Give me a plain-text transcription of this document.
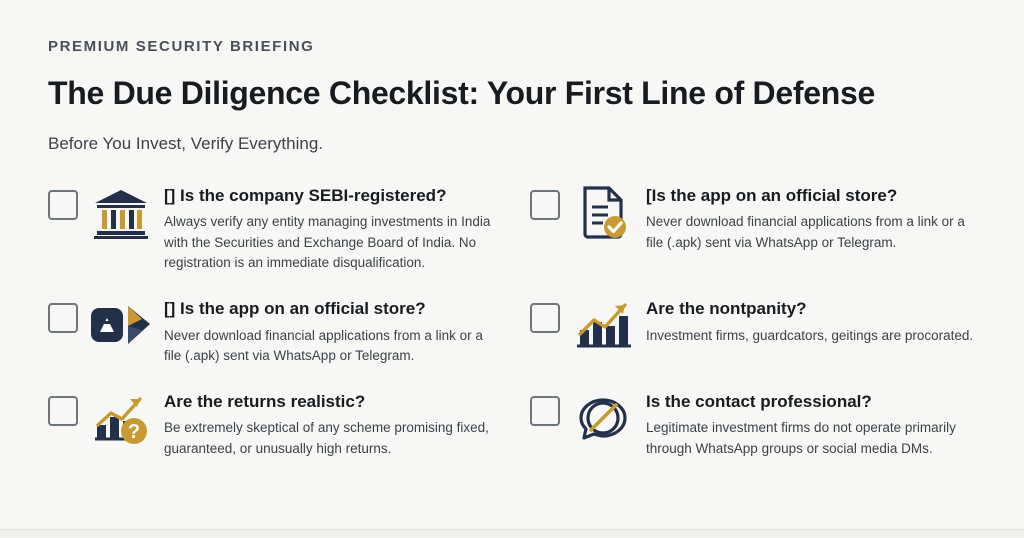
PREMIUM SECURITY BRIEFING
The Due Diligence Checklist: Your First Line of Defense
Before You Invest, Verify Everything.
[] Is the company SEBI-registered?
Always verify any entity managing investments in India with the Securities and Exchange Board of India. No registration is an immediate disqualification.
[Is the app on an official store?
Never download financial applications from a link or a file (.apk) sent via WhatsApp or Telegram.
[] Is the app on an official store?
Never download financial applications from a link or a file (.apk) sent via WhatsApp or Telegram.
Are the nontpanity?
Investment firms, guardcators, geitings are procorated.
?
Are the returns realistic?
Be extremely skeptical of any scheme promising fixed, guaranteed, or unusually high returns.
Is the contact professional?
Legitimate investment firms do not operate primarily through WhatsApp groups or social media DMs.
